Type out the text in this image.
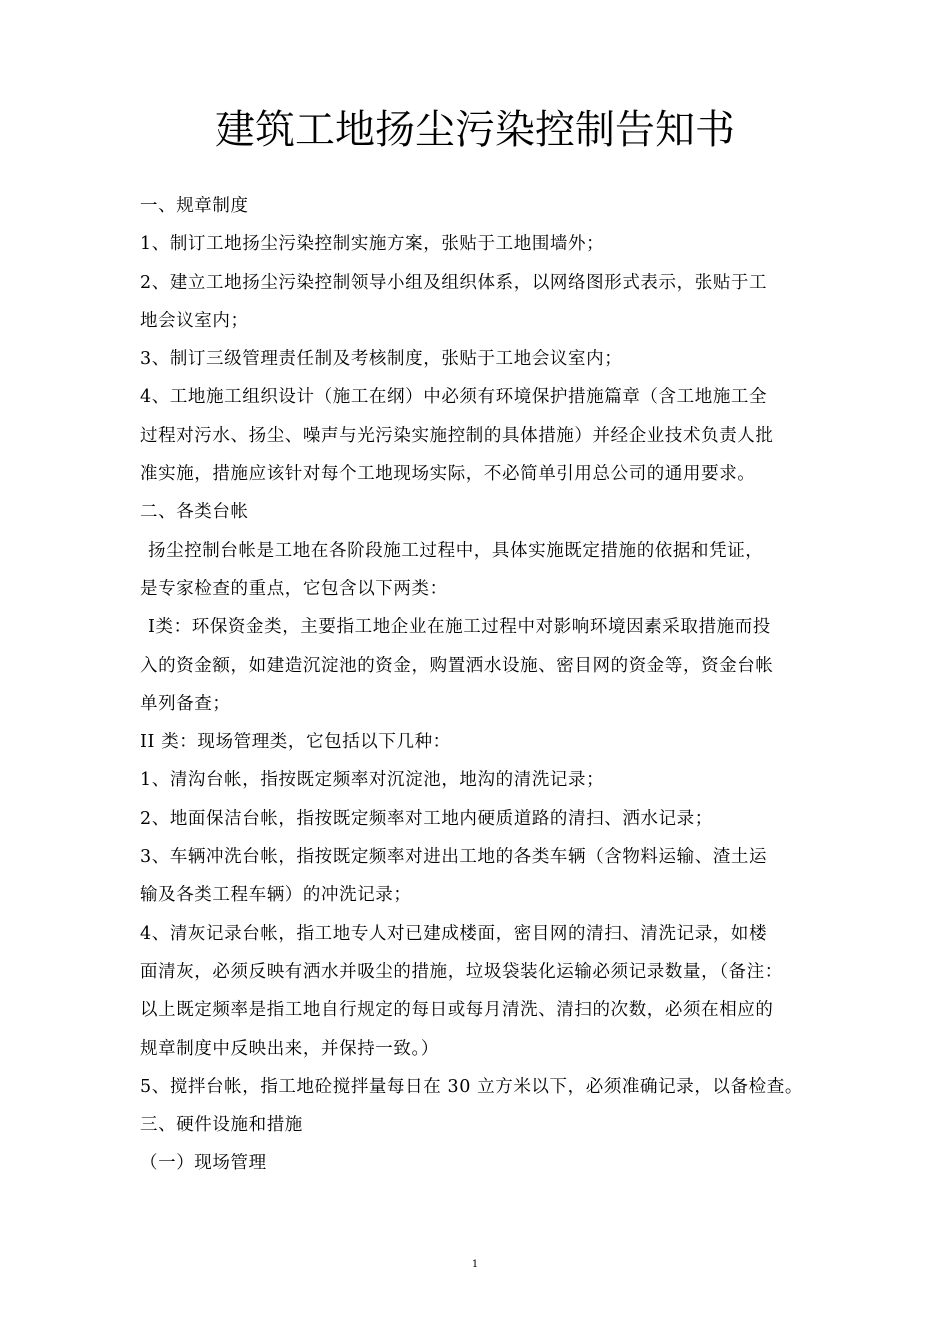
建筑工地扬尘污染控制告知书
一、规章制度
1、制订工地扬尘污染控制实施方案，张贴于工地围墙外；
2、建立工地扬尘污染控制领导小组及组织体系，以网络图形式表示，张贴于工
地会议室内；
3、制订三级管理责任制及考核制度，张贴于工地会议室内；
4、工地施工组织设计（施工在纲）中必须有环境保护措施篇章（含工地施工全
过程对污水、扬尘、噪声与光污染实施控制的具体措施）并经企业技术负责人批
准实施，措施应该针对每个工地现场实际，不必简单引用总公司的通用要求。
二、各类台帐
扬尘控制台帐是工地在各阶段施工过程中，具体实施既定措施的依据和凭证，
是专家检查的重点，它包含以下两类：
Ⅰ类：环保资金类，主要指工地企业在施工过程中对影响环境因素采取措施而投
入的资金额，如建造沉淀池的资金，购置洒水设施、密目网的资金等，资金台帐
单列备查；
II 类：现场管理类，它包括以下几种：
1、清沟台帐，指按既定频率对沉淀池，地沟的清洗记录；
2、地面保洁台帐，指按既定频率对工地内硬质道路的清扫、洒水记录；
3、车辆冲洗台帐，指按既定频率对进出工地的各类车辆（含物料运输、渣土运
输及各类工程车辆）的冲洗记录；
4、清灰记录台帐，指工地专人对已建成楼面，密目网的清扫、清洗记录，如楼
面清灰，必须反映有洒水并吸尘的措施，垃圾袋装化运输必须记录数量，（备注：
以上既定频率是指工地自行规定的每日或每月清洗、清扫的次数，必须在相应的
规章制度中反映出来，并保持一致。）
5、搅拌台帐，指工地砼搅拌量每日在 30 立方米以下，必须准确记录，以备检查。
三、硬件设施和措施
（一）现场管理
1
